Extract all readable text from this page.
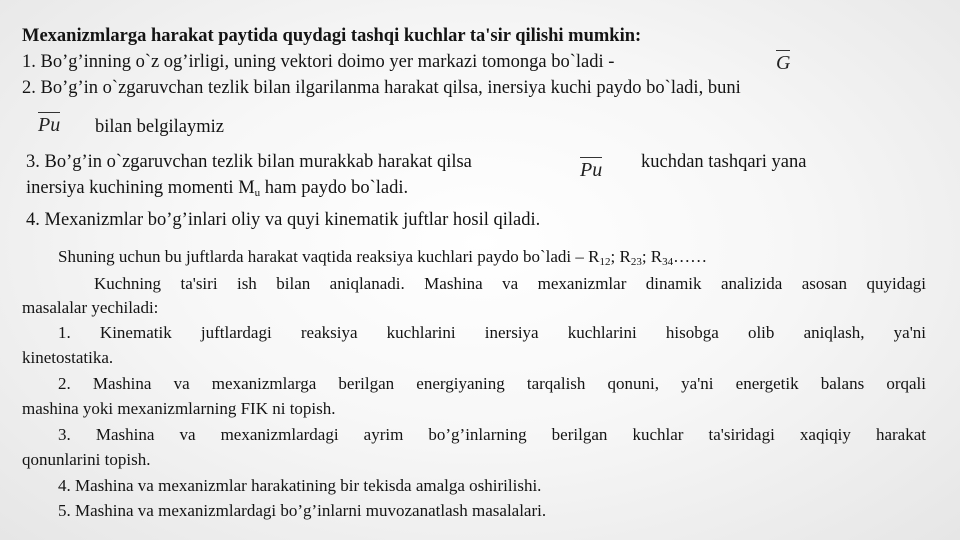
Mexanizmlarga harakat paytida quydagi tashqi kuchlar ta'sir qilishi mumkin:
1. Bo’g’inning o`z og’irligi, uning vektori doimo yer markazi tomonga bo`ladi -	G
2. Bo’g’in o`zgaruvchan tezlik bilan ilgarilanma harakat qilsa, inersiya kuchi paydo bo`ladi, buni
Pu bilan belgilaymiz
3. Bo’g’in o`zgaruvchan tezlik bilan murakkab harakat qilsa	Pu kuchdan tashqari yana
inersiya kuchining momenti $M_u$ ham paydo bo`ladi.
4. Mexanizmlar bo’g’inlari oliy va quyi kinematik juftlar hosil qiladi.
Shuning uchun bu juftlarda harakat vaqtida reaksiya kuchlari paydo bo`ladi – $R_{12}$; $R_{23}$; $R_{34}\dots\dots$
Kuchning ta'siri ish bilan aniqlanadi. Mashina va mexanizmlar dinamik analizida asosan quyidagi
masalalar yechiladi:
1. Kinematik juftlardagi reaksiya kuchlarini inersiya kuchlarini hisobga olib aniqlash, ya'ni
kinetostatika.
2. Mashina va mexanizmlarga berilgan energiyaning tarqalish qonuni, ya'ni energetik balans orqali
mashina yoki mexanizmlarning FIK ni topish.
3. Mashina va mexanizmlardagi ayrim bo’g’inlarning berilgan kuchlar ta'siridagi xaqiqiy harakat
qonunlarini topish.
4. Mashina va mexanizmlar harakatining bir tekisda amalga oshirilishi.
5. Mashina va mexanizmlardagi bo’g’inlarni muvozanatlash masalalari.
